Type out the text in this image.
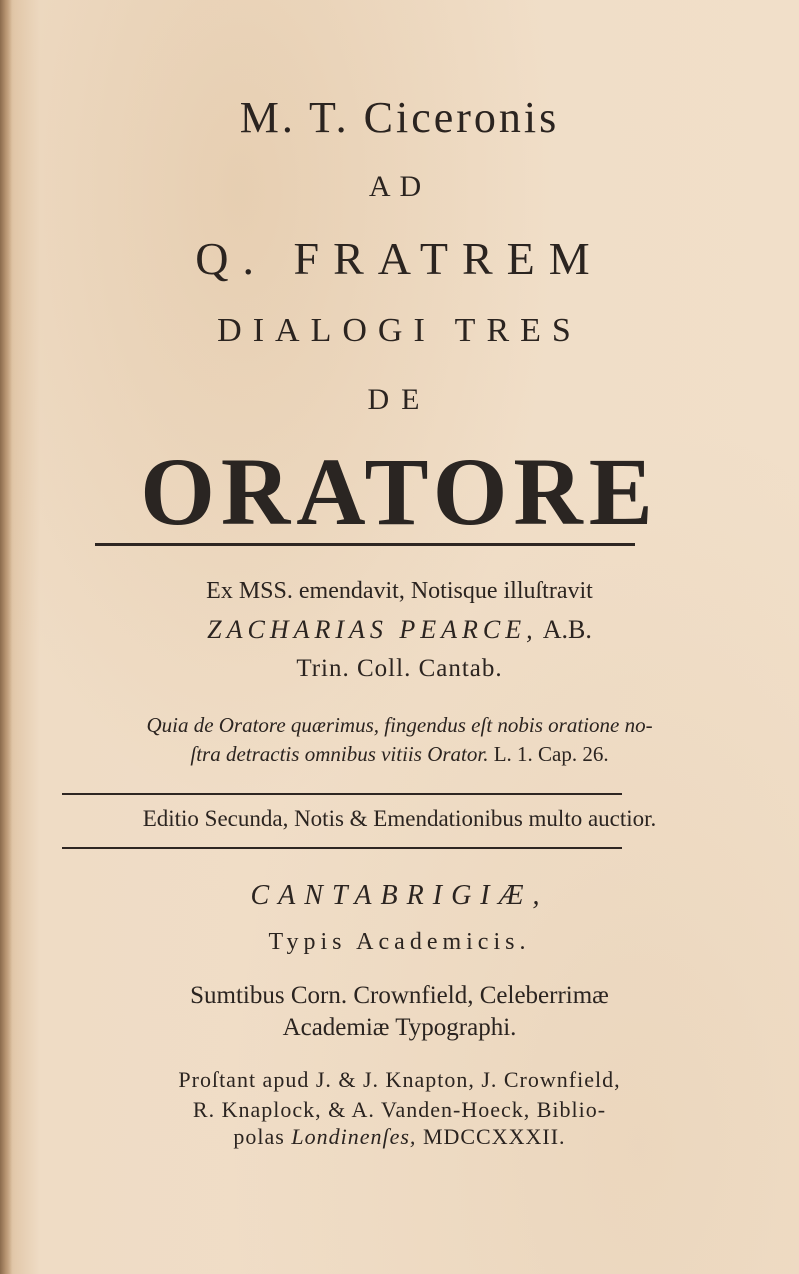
M. T. Ciceronis
AD
Q. FRATREM
DIALOGI TRES
DE
ORATORE
Ex MSS. emendavit, Notisque illuſtravit
ZACHARIAS PEARCE, A.B.
Trin. Coll. Cantab.
Quia de Oratore quærimus, fingendus eſt nobis oratione no-
ſtra detractis omnibus vitiis Orator. L. 1. Cap. 26.
Editio Secunda, Notis & Emendationibus multo auctior.
CANTABRIGIÆ,
Typis Academicis.
Sumtibus Corn. Crownfield, Celeberrimæ
Academiæ Typographi.
Proſtant apud J. & J. Knapton, J. Crownfield,
R. Knaplock, & A. Vanden-Hoeck, Biblio-
polas Londinenſes, MDCCXXXII.
